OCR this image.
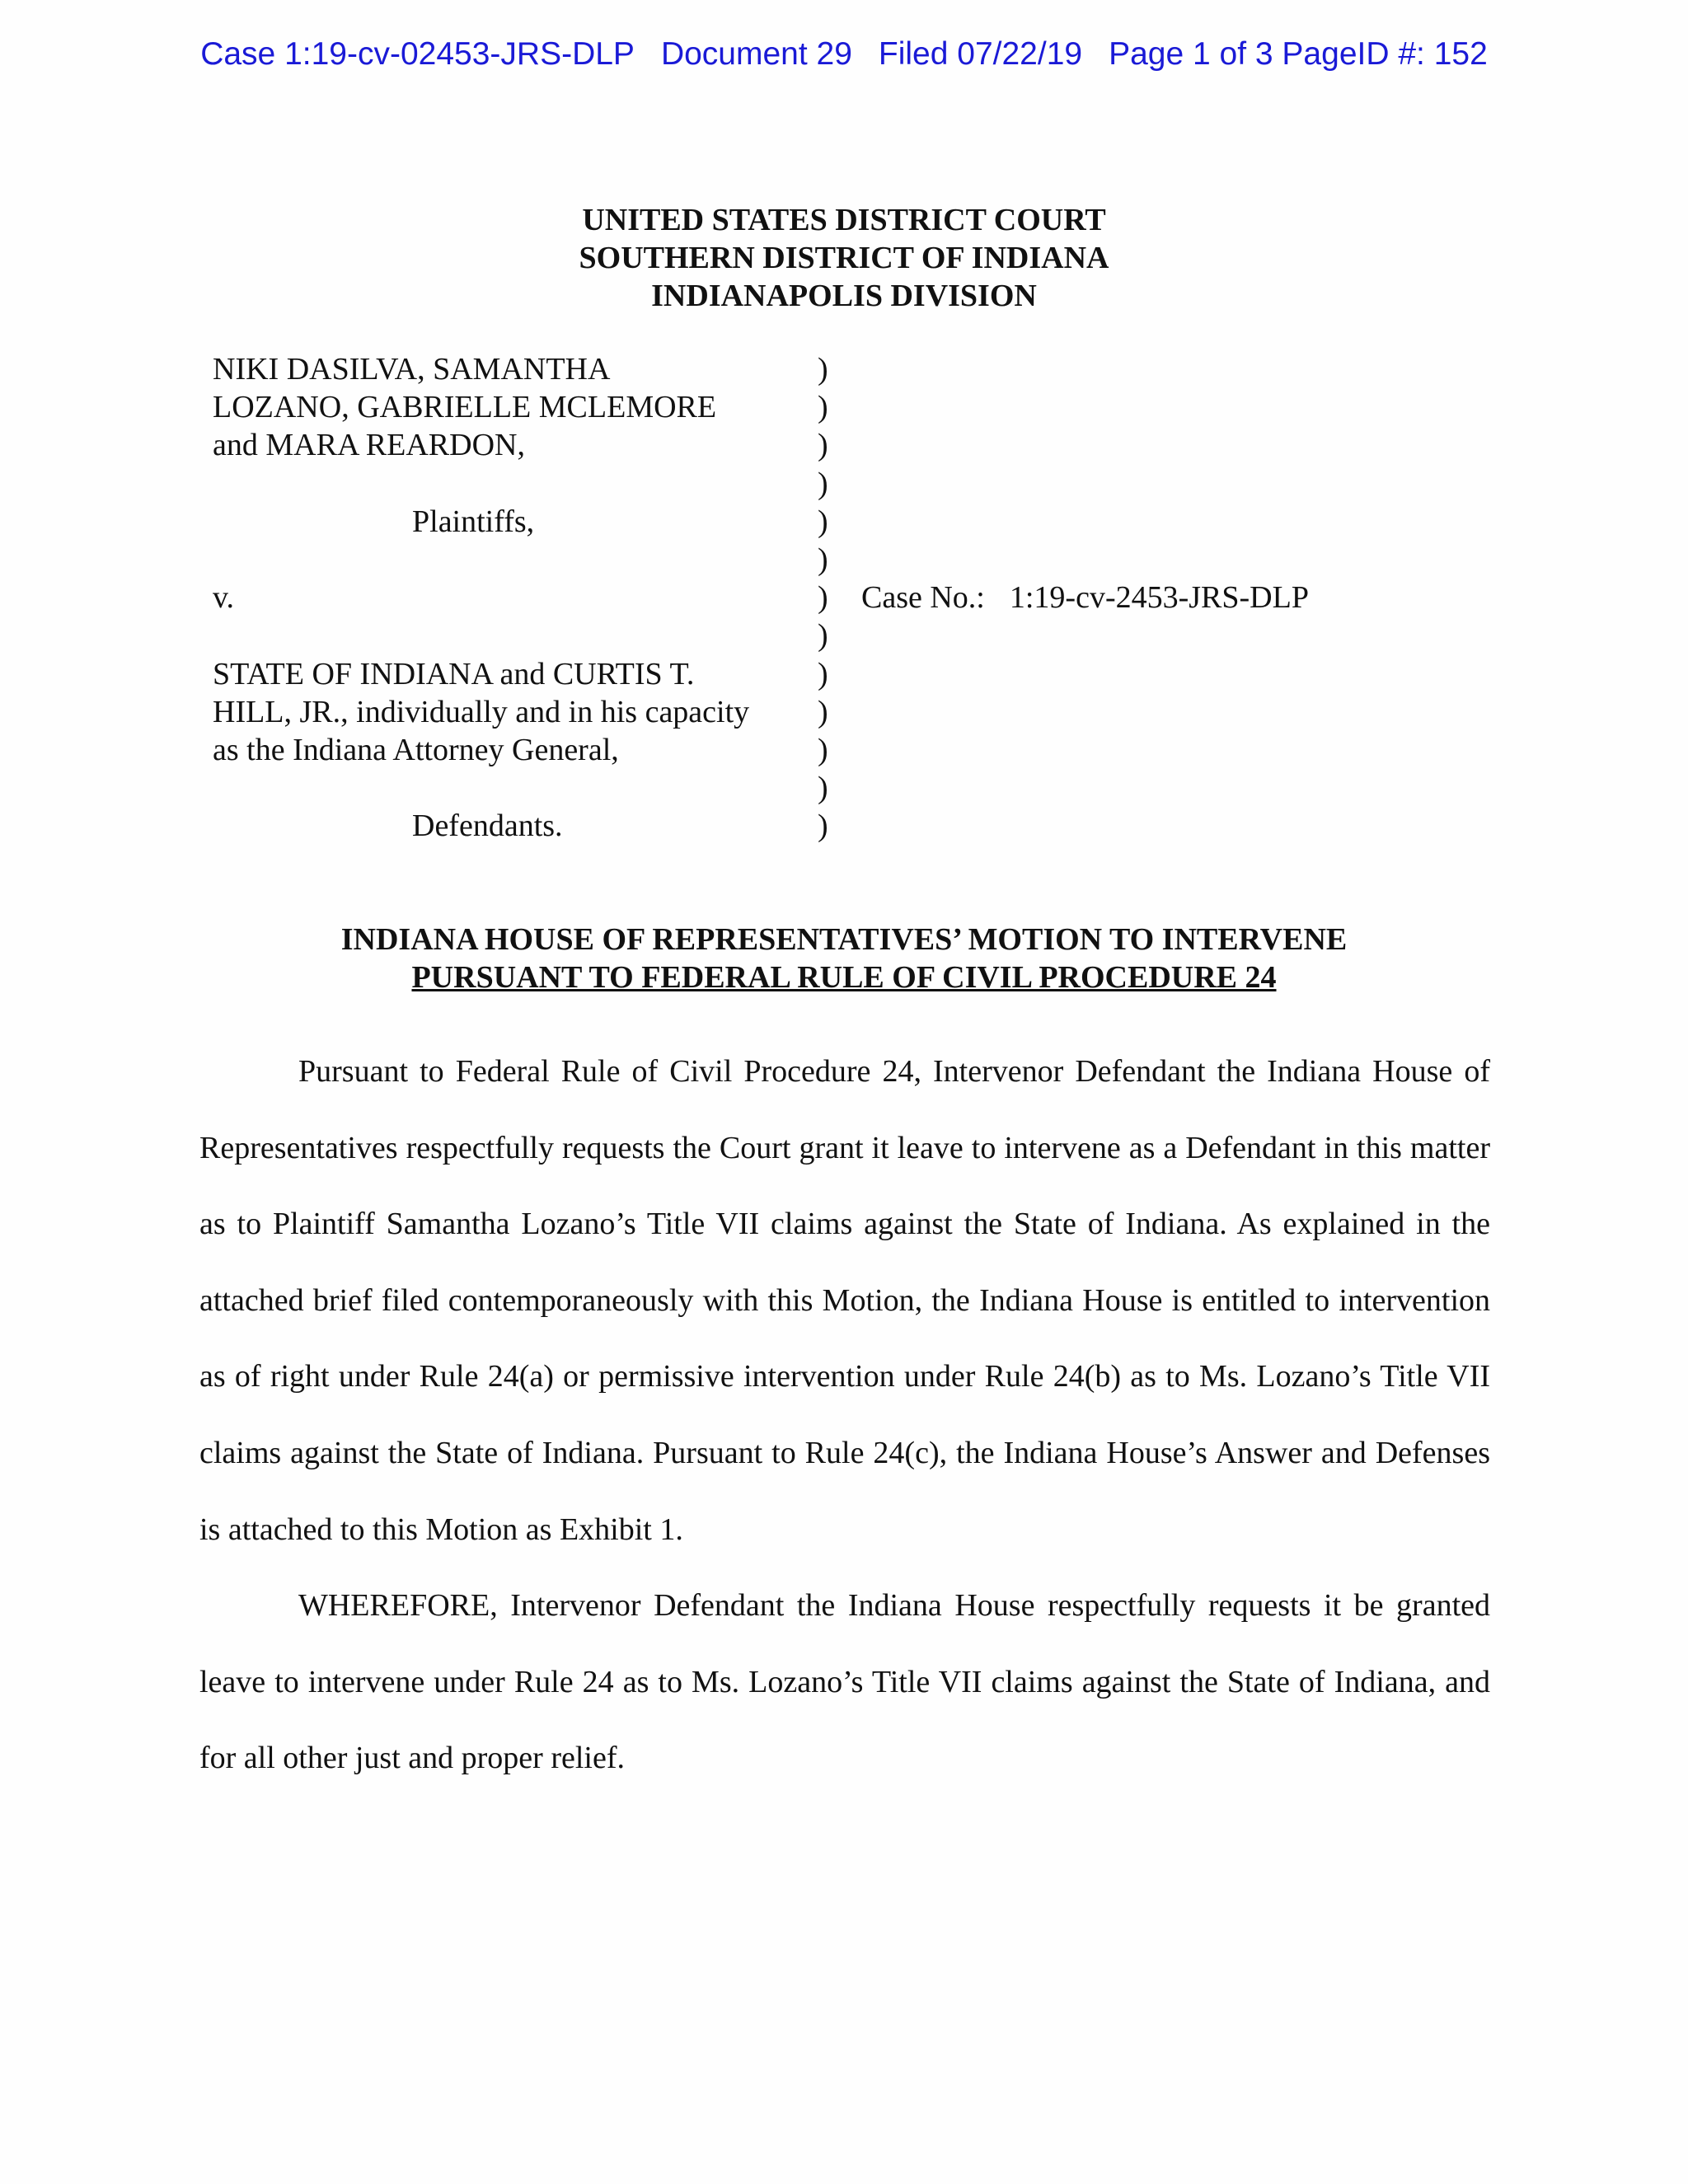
Case 1:19-cv-02453-JRS-DLP Document 29 Filed 07/22/19 Page 1 of 3 PageID #: 152
UNITED STATES DISTRICT COURT
SOUTHERN DISTRICT OF INDIANA
INDIANAPOLIS DIVISION
NIKI DASILVA, SAMANTHA
LOZANO, GABRIELLE MCLEMORE
and MARA REARDON,
Plaintiffs,
v.
STATE OF INDIANA and CURTIS T.
HILL, JR., individually and in his capacity
as the Indiana Attorney General,
Defendants.
)
)
)
)
)
)
)
)
)
)
)
)
)
Case No.: 1:19-cv-2453-JRS-DLP
INDIANA HOUSE OF REPRESENTATIVES’ MOTION TO INTERVENE
PURSUANT TO FEDERAL RULE OF CIVIL PROCEDURE 24

Pursuant to Federal Rule of Civil Procedure 24, Intervenor Defendant the Indiana House of Representatives respectfully requests the Court grant it leave to intervene as a Defendant in this matter as to Plaintiff Samantha Lozano’s Title VII claims against the State of Indiana. As explained in the attached brief filed contemporaneously with this Motion, the Indiana House is entitled to intervention as of right under Rule 24(a) or permissive intervention under Rule 24(b) as to Ms. Lozano’s Title VII claims against the State of Indiana. Pursuant to Rule 24(c), the Indiana House’s Answer and Defenses is attached to this Motion as Exhibit 1.

WHEREFORE, Intervenor Defendant the Indiana House respectfully requests it be granted leave to intervene under Rule 24 as to Ms. Lozano’s Title VII claims against the State of Indiana, and for all other just and proper relief.
